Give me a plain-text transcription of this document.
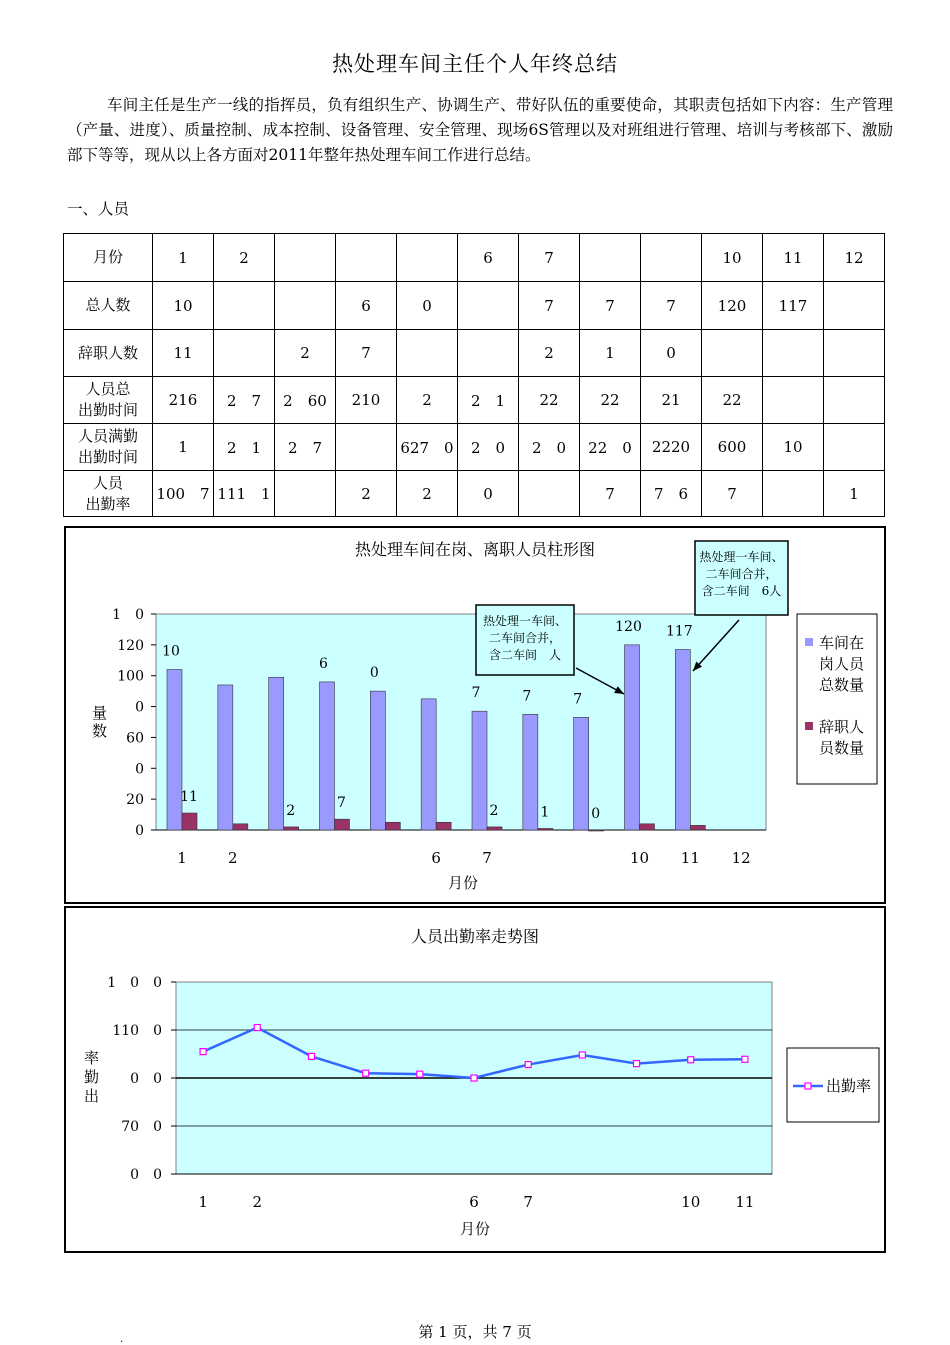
热处理车间主任个人年终总结
车间主任是生产一线的指挥员，负有组织生产、协调生产、带好队伍的重要使命，其职责包括如下内容：生产管理（产量、进度）、质量控制、成本控制、设备管理、安全管理、现场6S管理以及对班组进行管理、培训与考核部下、激励部下等等，现从以上各方面对2011年整年热处理车间工作进行总结。
一、人员
月份	1	2				6	7			10	11	12
总人数	10			6	0		7	7	7	120	117	
辞职人数	11		2	7			2	1	0			
人员总
出勤时间	216	2　7	2　60	210	2	2　1	22	22	21	22		
人员满勤
出勤时间	1	2　1	2　7		627　0	2　0	2　0	22　0	2220	600	10	
人员
出勤率	100　7	111　1		2	2	0		7	7　6	7		1
热处理车间在岗、离职人员柱形图
1　0
120
100
0
60
0
20
0
量
数
1
10
11
2
2
6
7
0
6	7
7
2
7
1
7
0
10
120
11
117
12
月份
车间在岗人员总数量
辞职人员数量
热处理一车间、二车间合并，含二车间　人
热处理一车间、二车间合并，含二车间　6人
人员出勤率走势图
1　0　0
110　0
0　0
70　0
0　0
率
勤
出
1	2	6	7	10 11
月份
出勤率
第 1 页，共 7 页
.
